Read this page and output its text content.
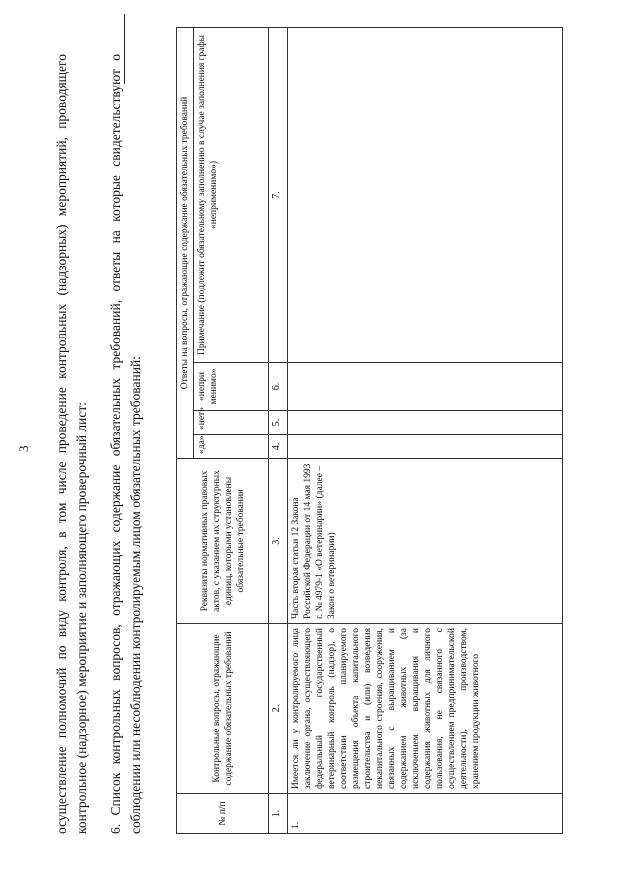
3 осуществление полномочий по виду контроля, в том числе проведение контрольных (надзорных) мероприятий, проводящего контрольное (надзорное) мероприятие и заполняющего проверочный лист: 6. Список контрольных вопросов, отражающих содержание обязательных требований, ответы на которые свидетельствуют о соблюдении или несоблюдении контролируемым лицом обязательных требований:	№ п/п	Контрольные вопросы, отражающие содержание обязательных требований	Реквизиты нормативных правовых актов, с указанием их структурных единиц, которыми установлены обязательные требования	Ответы на вопросы, отражающие содержание обязательных требований			
			«да»	«нет»	«непри менимо»	Примечание (подлежит обязательному заполнению в случае заполнения графы «неприменимо»)
1.	2.	3.	4.	5.	6.	7.
1.	Имеется ли у контролируемого лица заключение органа, осуществляющего федеральный государственный ветеринарный контроль (надзор), о соответствии планируемого размещения объекта капитального строительства и (или) возведения некапитального строения, сооружения, связанных с выращиванием и содержанием животных (за исключением выращивания и содержания животных для личного пользования, не связанного с осуществлением предпринимательской деятельности), производством, хранением продукции животного	Часть вторая статьи 12 Закона Российской Федерации от 14 мая 1993 г. № 4979-1 «О ветеринарии» (далее – Закон о ветеринарии)				
